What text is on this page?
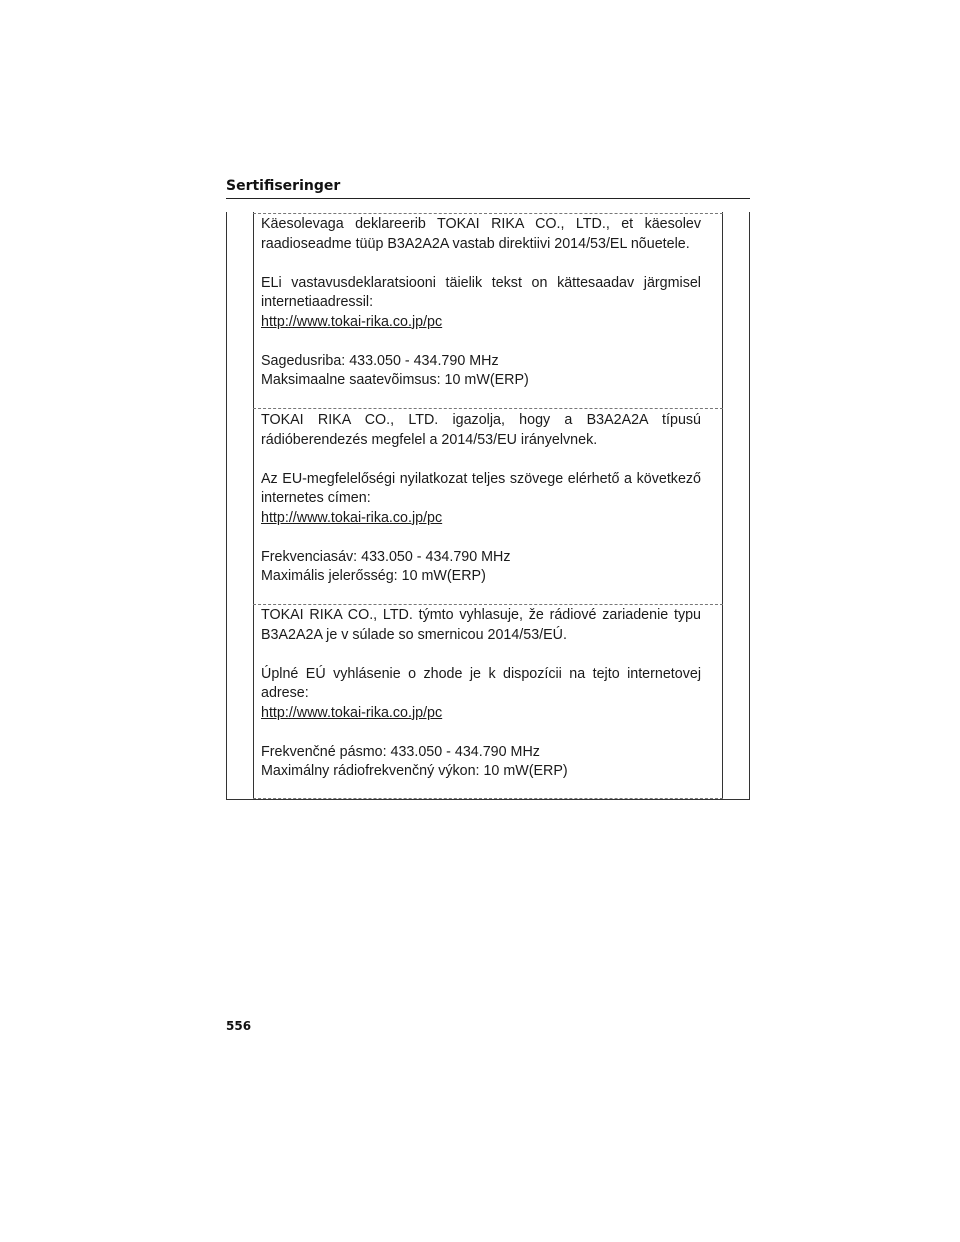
Sertifiseringer

Käesolevaga deklareerib TOKAI RIKA CO., LTD., et käesolev raadioseadme tüüp B3A2A2A vastab direktiivi 2014/53/EL nõuetele.

ELi vastavusdeklaratsiooni täielik tekst on kättesaadav järgmisel internetiaadressil:

http://www.tokai-rika.co.jp/pc

Sagedusriba: 433.050 - 434.790 MHz

Maksimaalne saatevõimsus: 10 mW(ERP)

TOKAI RIKA CO., LTD. igazolja, hogy a B3A2A2A típusú rádióberendezés megfelel a 2014/53/EU irányelvnek.

Az EU-megfelelőségi nyilatkozat teljes szövege elérhető a következő internetes címen:

http://www.tokai-rika.co.jp/pc

Frekvenciasáv: 433.050 - 434.790 MHz

Maximális jelerősség: 10 mW(ERP)

TOKAI RIKA CO., LTD. týmto vyhlasuje, že rádiové zariadenie typu B3A2A2A je v súlade so smernicou 2014/53/EÚ.

Úplné EÚ vyhlásenie o zhode je k dispozícii na tejto internetovej adrese:

http://www.tokai-rika.co.jp/pc

Frekvenčné pásmo: 433.050 - 434.790 MHz

Maximálny rádiofrekvenčný výkon: 10 mW(ERP)

556
